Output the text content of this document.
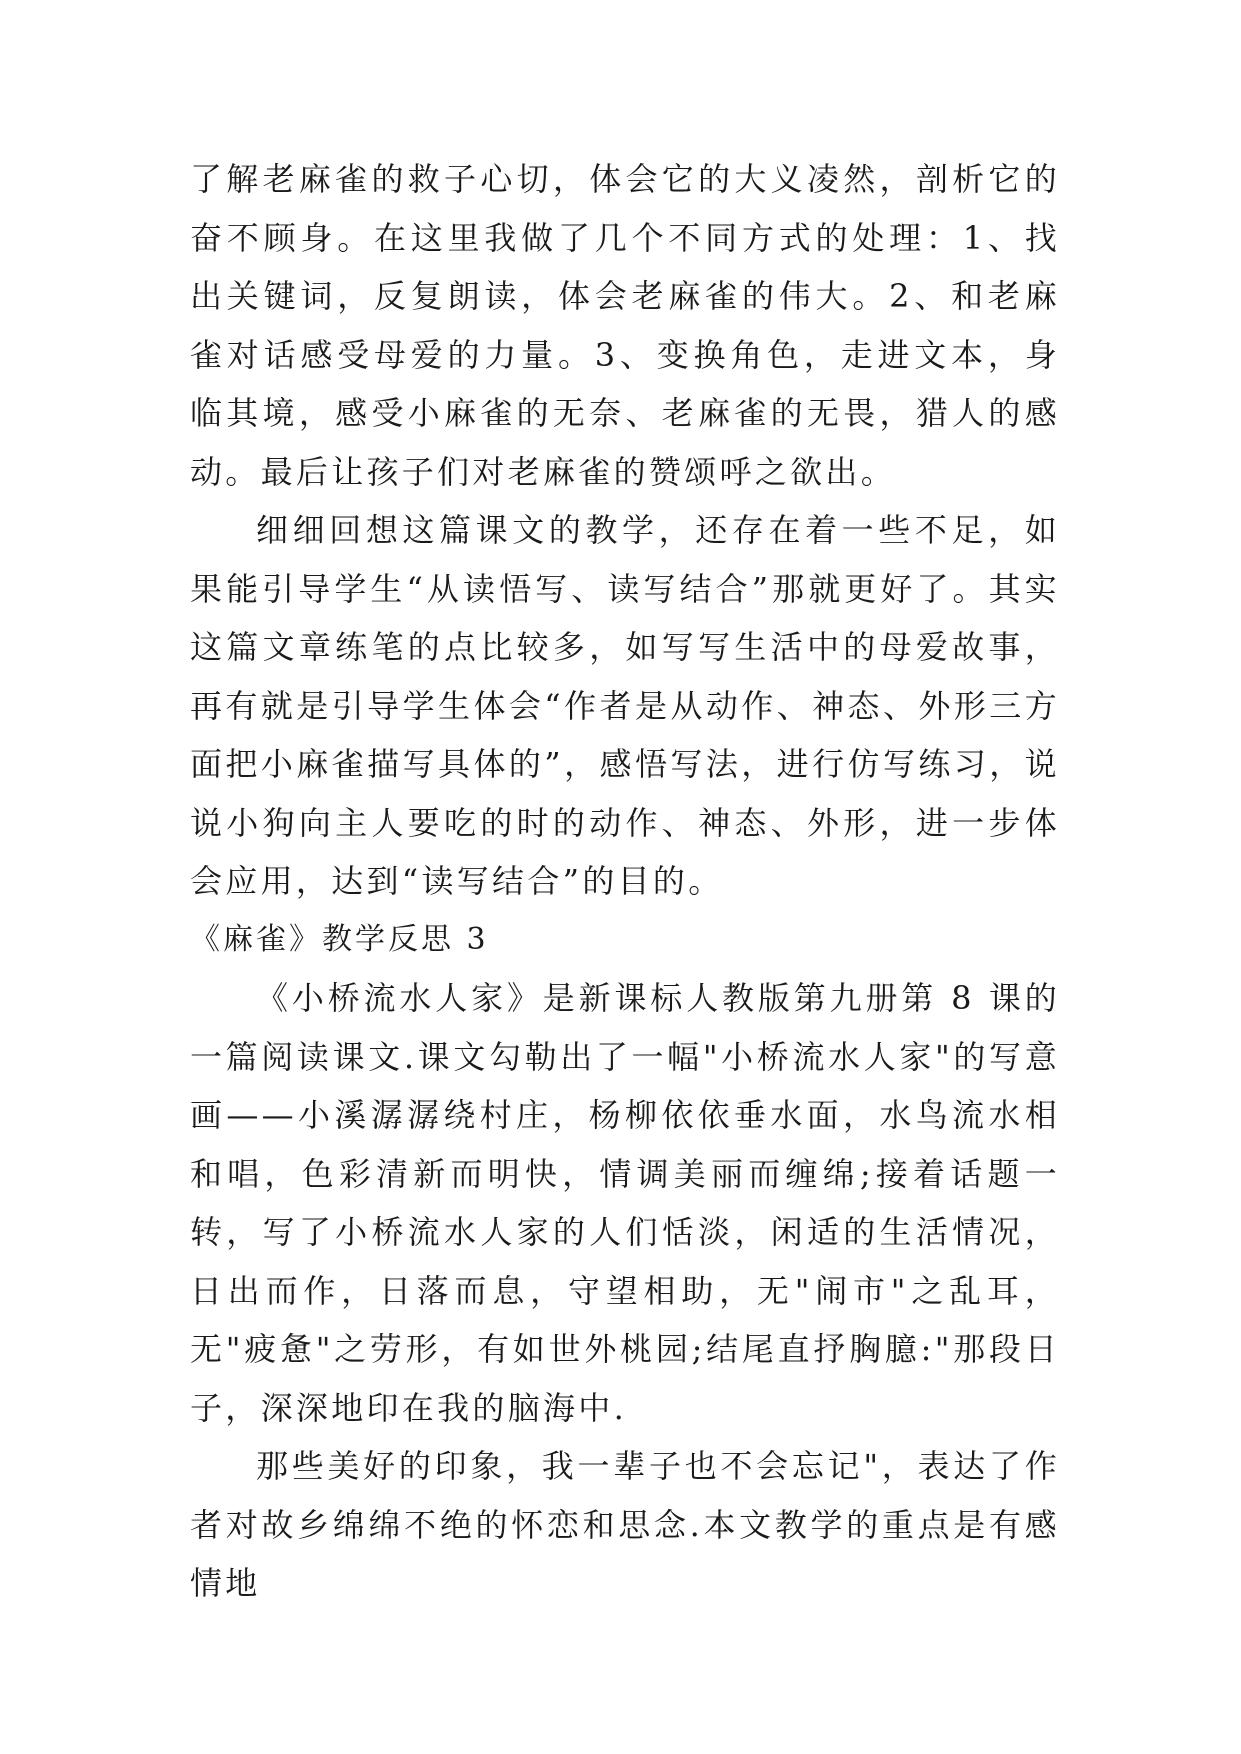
了解老麻雀的救子心切，体会它的大义凌然，剖析它的奋不顾身。在这里我做了几个不同方式的处理：1、找出关键词，反复朗读，体会老麻雀的伟大。2、和老麻雀对话感受母爱的力量。3、变换角色，走进文本，身临其境，感受小麻雀的无奈、老麻雀的无畏，猎人的感动。最后让孩子们对老麻雀的赞颂呼之欲出。

细细回想这篇课文的教学，还存在着一些不足，如果能引导学生“从读悟写、读写结合”那就更好了。其实这篇文章练笔的点比较多，如写写生活中的母爱故事，再有就是引导学生体会“作者是从动作、神态、外形三方面把小麻雀描写具体的”，感悟写法，进行仿写练习，说说小狗向主人要吃的时的动作、神态、外形，进一步体会应用，达到“读写结合”的目的。

《麻雀》教学反思 3

《小桥流水人家》是新课标人教版第九册第 8 课的一篇阅读课文.课文勾勒出了一幅"小桥流水人家"的写意画——小溪潺潺绕村庄，杨柳依依垂水面，水鸟流水相和唱，色彩清新而明快，情调美丽而缠绵;接着话题一转，写了小桥流水人家的人们恬淡，闲适的生活情况，日出而作，日落而息，守望相助，无"闹市"之乱耳，无"疲惫"之劳形，有如世外桃园;结尾直抒胸臆:"那段日子，深深地印在我的脑海中.

那些美好的印象，我一辈子也不会忘记"，表达了作者对故乡绵绵不绝的怀恋和思念.本文教学的重点是有感情地
